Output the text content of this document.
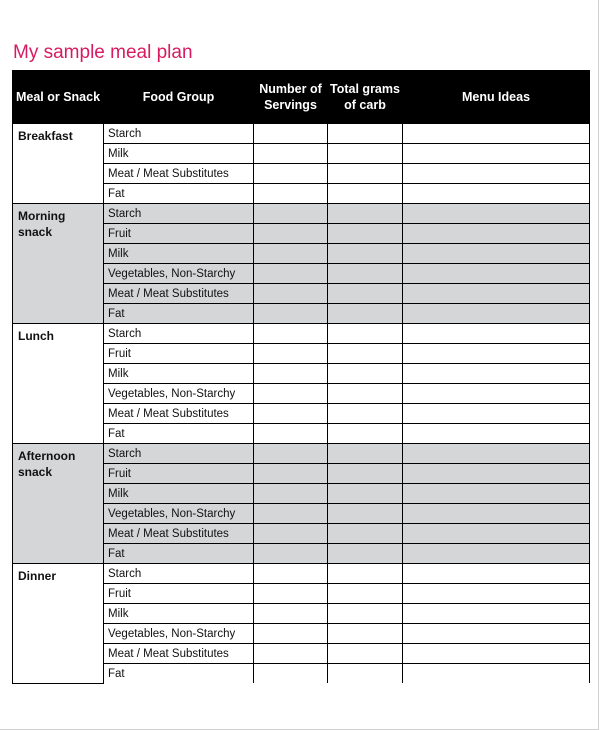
My sample meal plan
Meal or Snack	Food Group	Number of Servings	Total grams of carb	Menu Ideas
Breakfast	Starch			
	Milk			
	Meat / Meat Substitutes			
	Fat			
Morning snack	Starch			
	Fruit			
	Milk			
	Vegetables, Non-Starchy			
	Meat / Meat Substitutes			
	Fat			
Lunch	Starch			
	Fruit			
	Milk			
	Vegetables, Non-Starchy			
	Meat / Meat Substitutes			
	Fat			
Afternoon snack	Starch			
	Fruit			
	Milk			
	Vegetables, Non-Starchy			
	Meat / Meat Substitutes			
	Fat			
Dinner	Starch			
	Fruit			
	Milk			
	Vegetables, Non-Starchy			
	Meat / Meat Substitutes			
	Fat			
